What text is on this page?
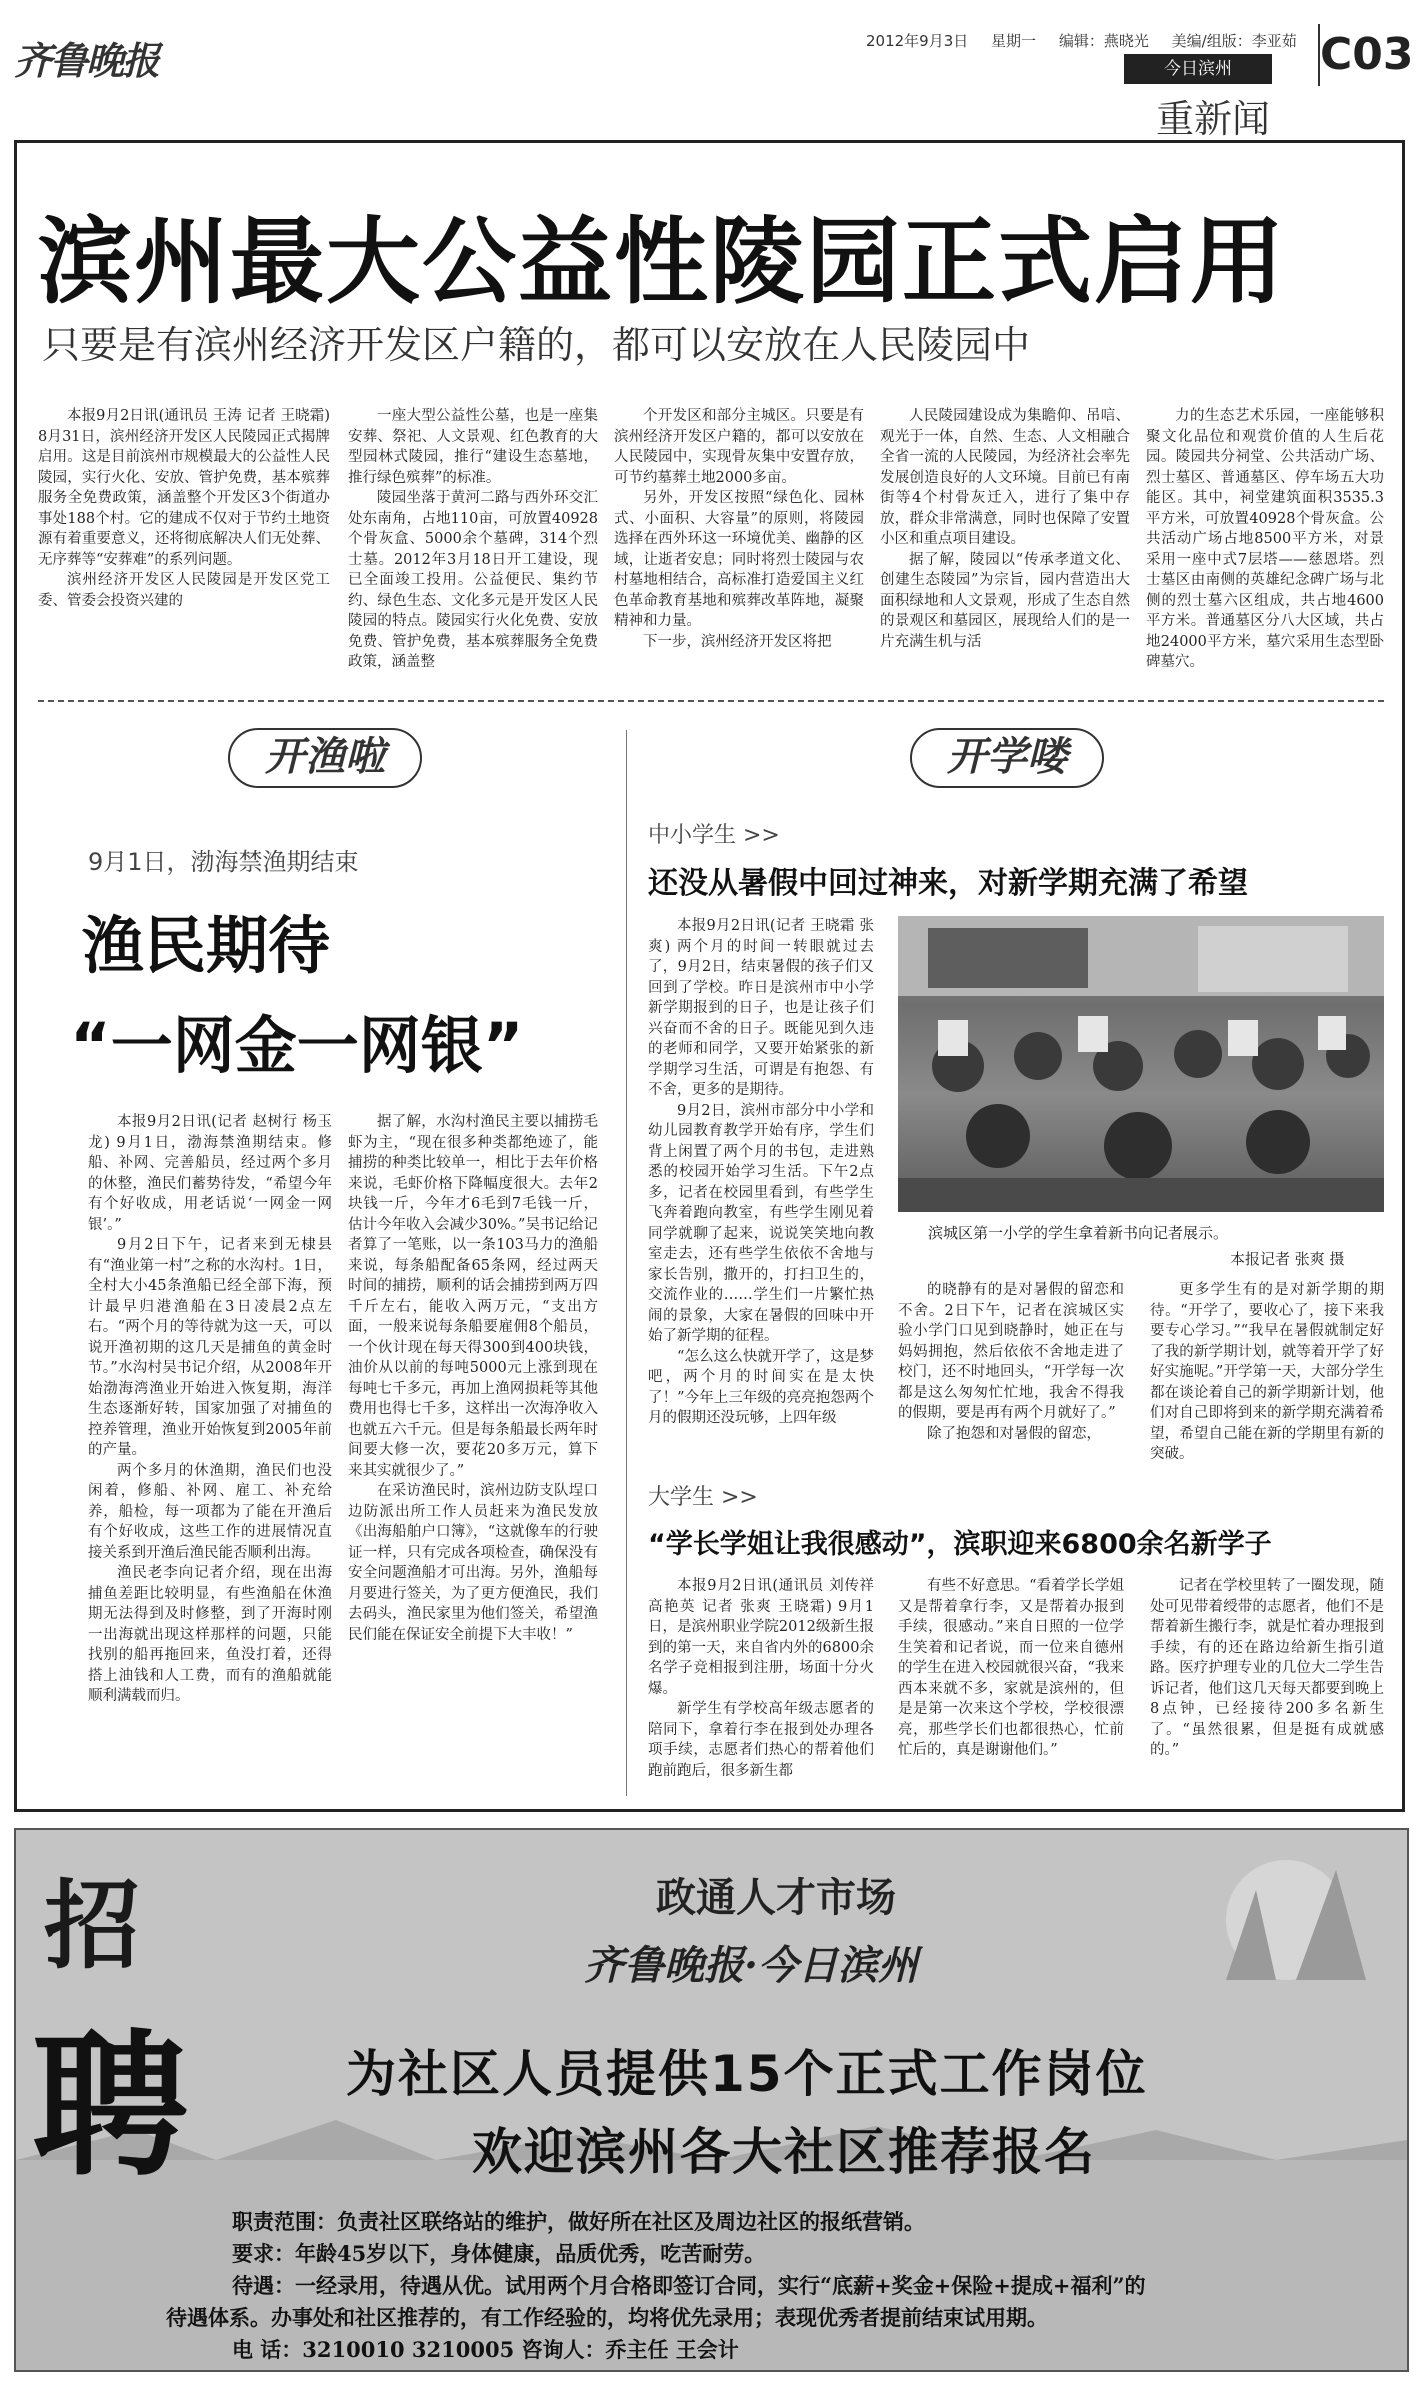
齐鲁晚报	2012年9月3日 星期一 编辑：燕晓光 美编/组版：李亚茹
今日滨州
重新闻
C03
滨州最大公益性陵园正式启用
只要是有滨州经济开发区户籍的，都可以安放在人民陵园中

本报9月2日讯(通讯员 王涛 记者 王晓霜) 8月31日，滨州经济开发区人民陵园正式揭牌启用。这是目前滨州市规模最大的公益性人民陵园，实行火化、安放、管护免费，基本殡葬服务全免费政策，涵盖整个开发区3个街道办事处188个村。它的建成不仅对于节约土地资源有着重要意义，还将彻底解决人们无处葬、无序葬等“安葬难”的系列问题。

滨州经济开发区人民陵园是开发区党工委、管委会投资兴建的

一座大型公益性公墓，也是一座集安葬、祭祀、人文景观、红色教育的大型园林式陵园，推行“建设生态墓地，推行绿色殡葬”的标准。

陵园坐落于黄河二路与西外环交汇处东南角，占地110亩，可放置40928个骨灰盒、5000余个墓碑，314个烈士墓。2012年3月18日开工建设，现已全面竣工投用。公益便民、集约节约、绿色生态、文化多元是开发区人民陵园的特点。陵园实行火化免费、安放免费、管护免费，基本殡葬服务全免费政策，涵盖整

个开发区和部分主城区。只要是有滨州经济开发区户籍的，都可以安放在人民陵园中，实现骨灰集中安置存放，可节约墓葬土地2000多亩。

另外，开发区按照“绿色化、园林式、小面积、大容量”的原则，将陵园选择在西外环这一环境优美、幽静的区域，让逝者安息；同时将烈士陵园与农村墓地相结合，高标准打造爱国主义红色革命教育基地和殡葬改革阵地，凝聚精神和力量。

下一步，滨州经济开发区将把

人民陵园建设成为集瞻仰、吊唁、观光于一体，自然、生态、人文相融合全省一流的人民陵园，为经济社会率先发展创造良好的人文环境。目前已有南街等4个村骨灰迁入，进行了集中存放，群众非常满意，同时也保障了安置小区和重点项目建设。

据了解，陵园以“传承孝道文化、创建生态陵园”为宗旨，园内营造出大面积绿地和人文景观，形成了生态自然的景观区和墓园区，展现给人们的是一片充满生机与活

力的生态艺术乐园，一座能够积聚文化品位和观赏价值的人生后花园。陵园共分祠堂、公共活动广场、烈士墓区、普通墓区、停车场五大功能区。其中，祠堂建筑面积3535.3平方米，可放置40928个骨灰盒。公共活动广场占地8500平方米，对景采用一座中式7层塔——慈恩塔。烈士墓区由南侧的英雄纪念碑广场与北侧的烈士墓六区组成，共占地4600平方米。普通墓区分八大区域，共占地24000平方米，墓穴采用生态型卧碑墓穴。

开渔啦
9月1日，渤海禁渔期结束
渔民期待
“一网金一网银”

本报9月2日讯(记者 赵树行 杨玉龙) 9月1日，渤海禁渔期结束。修船、补网、完善船员，经过两个多月的休整，渔民们蓄势待发，“希望今年有个好收成，用老话说‘一网金一网银’。”

9月2日下午，记者来到无棣县有“渔业第一村”之称的水沟村。1日，全村大小45条渔船已经全部下海，预计最早归港渔船在3日凌晨2点左右。“两个月的等待就为这一天，可以说开渔初期的这几天是捕鱼的黄金时节。”水沟村吴书记介绍，从2008年开始渤海湾渔业开始进入恢复期，海洋生态逐渐好转，国家加强了对捕鱼的控养管理，渔业开始恢复到2005年前的产量。

两个多月的休渔期，渔民们也没闲着，修船、补网、雇工、补充给养，船检，每一项都为了能在开渔后有个好收成，这些工作的进展情况直接关系到开渔后渔民能否顺利出海。

渔民老李向记者介绍，现在出海捕鱼差距比较明显，有些渔船在休渔期无法得到及时修整，到了开海时刚一出海就出现这样那样的问题，只能找别的船再拖回来，鱼没打着，还得搭上油钱和人工费，而有的渔船就能顺利满载而归。

据了解，水沟村渔民主要以捕捞毛虾为主，“现在很多种类都绝迹了，能捕捞的种类比较单一，相比于去年价格来说，毛虾价格下降幅度很大。去年2块钱一斤，今年才6毛到7毛钱一斤，估计今年收入会减少30%。”吴书记给记者算了一笔账，以一条103马力的渔船来说，每条船配备65条网，经过两天时间的捕捞，顺利的话会捕捞到两万四千斤左右，能收入两万元，“支出方面，一般来说每条船要雇佣8个船员，一个伙计现在每天得300到400块钱，油价从以前的每吨5000元上涨到现在每吨七千多元，再加上渔网损耗等其他费用也得七千多，这样出一次海净收入也就五六千元。但是每条船最长两年时间要大修一次，要花20多万元，算下来其实就很少了。”

在采访渔民时，滨州边防支队埕口边防派出所工作人员赶来为渔民发放《出海船舶户口簿》，“这就像车的行驶证一样，只有完成各项检查，确保没有安全问题渔船才可出海。另外，渔船每月要进行签关，为了更方便渔民，我们去码头，渔民家里为他们签关，希望渔民们能在保证安全前提下大丰收！”

开学喽
中小学生 >>
还没从暑假中回过神来，对新学期充满了希望

本报9月2日讯(记者 王晓霜 张爽) 两个月的时间一转眼就过去了，9月2日，结束暑假的孩子们又回到了学校。昨日是滨州市中小学新学期报到的日子，也是让孩子们兴奋而不舍的日子。既能见到久违的老师和同学，又要开始紧张的新学期学习生活，可谓是有抱怨、有不舍，更多的是期待。

9月2日，滨州市部分中小学和幼儿园教育教学开始有序，学生们背上闲置了两个月的书包，走进熟悉的校园开始学习生活。下午2点多，记者在校园里看到，有些学生飞奔着跑向教室，有些学生刚见着同学就聊了起来，说说笑笑地向教室走去，还有些学生依依不舍地与家长告别，撒开的，打扫卫生的，交流作业的……学生们一片繁忙热闹的景象，大家在暑假的回味中开始了新学期的征程。

“怎么这么快就开学了，这是梦吧，两个月的时间实在是太快了！”今年上三年级的亮亮抱怨两个月的假期还没玩够，上四年级

滨城区第一小学的学生拿着新书向记者展示。
本报记者 张爽 摄

的晓静有的是对暑假的留恋和不舍。2日下午，记者在滨城区实验小学门口见到晓静时，她正在与妈妈拥抱，然后依依不舍地走进了校门，还不时地回头，“开学每一次都是这么匆匆忙忙地，我舍不得我的假期，要是再有两个月就好了。”

除了抱怨和对暑假的留恋，

更多学生有的是对新学期的期待。“开学了，要收心了，接下来我要专心学习。”“我早在暑假就制定好了我的新学期计划，就等着开学了好好实施呢。”开学第一天，大部分学生都在谈论着自己的新学期新计划，他们对自己即将到来的新学期充满着希望，希望自己能在新的学期里有新的突破。

大学生 >>
“学长学姐让我很感动”，滨职迎来6800余名新学子

本报9月2日讯(通讯员 刘传祥 高艳英 记者 张爽 王晓霜) 9月1日，是滨州职业学院2012级新生报到的第一天，来自省内外的6800余名学子竞相报到注册，场面十分火爆。

新学生有学校高年级志愿者的陪同下，拿着行李在报到处办理各项手续，志愿者们热心的帮着他们跑前跑后，很多新生都

有些不好意思。“看着学长学姐又是帮着拿行李，又是帮着办报到手续，很感动。”来自日照的一位学生笑着和记者说，而一位来自德州的学生在进入校园就很兴奋，“我来西本来就不多，家就是滨州的，但是是第一次来这个学校，学校很漂亮，那些学长们也都很热心，忙前忙后的，真是谢谢他们。”

记者在学校里转了一圈发现，随处可见带着绶带的志愿者，他们不是帮着新生搬行李，就是忙着办理报到手续，有的还在路边给新生指引道路。医疗护理专业的几位大二学生告诉记者，他们这几天每天都要到晚上8点钟，已经接待200多名新生了。“虽然很累，但是挺有成就感的。”

招
聘
政通人才市场
齐鲁晚报·今日滨州
为社区人员提供15个正式工作岗位
欢迎滨州各大社区推荐报名
职责范围：负责社区联络站的维护，做好所在社区及周边社区的报纸营销。
要求：年龄45岁以下，身体健康，品质优秀，吃苦耐劳。
待遇：一经录用，待遇从优。试用两个月合格即签订合同，实行“底薪+奖金+保险+提成+福利”的
待遇体系。办事处和社区推荐的，有工作经验的，均将优先录用；表现优秀者提前结束试用期。
电 话：3210010 3210005 咨询人：乔主任 王会计
